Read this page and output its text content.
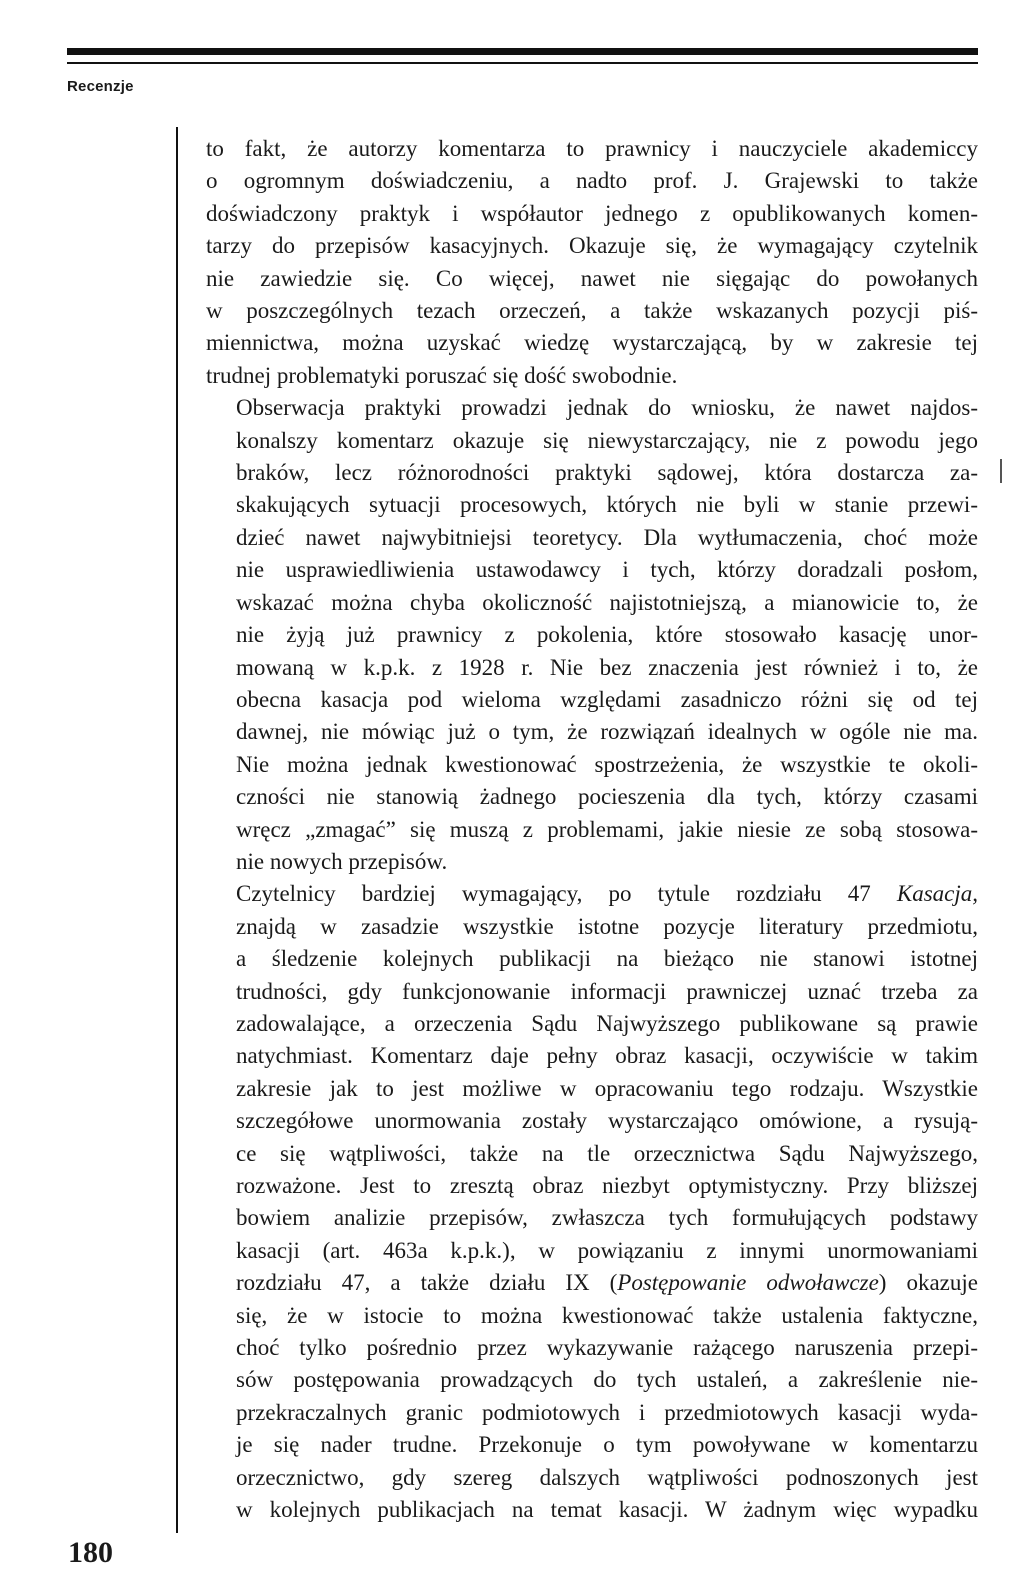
Recenzje

to fakt, że autorzy komentarza to prawnicy i nauczyciele akademiccy
o ogromnym doświadczeniu, a nadto prof. J. Grajewski to także
doświadczony praktyk i współautor jednego z opublikowanych komen-
tarzy do przepisów kasacyjnych. Okazuje się, że wymagający czytelnik
nie zawiedzie się. Co więcej, nawet nie sięgając do powołanych
w poszczególnych tezach orzeczeń, a także wskazanych pozycji piś-
miennictwa, można uzyskać wiedzę wystarczającą, by w zakresie tej
trudnej problematyki poruszać się dość swobodnie.

Obserwacja praktyki prowadzi jednak do wniosku, że nawet najdos-
konalszy komentarz okazuje się niewystarczający, nie z powodu jego
braków, lecz różnorodności praktyki sądowej, która dostarcza za-
skakujących sytuacji procesowych, których nie byli w stanie przewi-
dzieć nawet najwybitniejsi teoretycy. Dla wytłumaczenia, choć może
nie usprawiedliwienia ustawodawcy i tych, którzy doradzali posłom,
wskazać można chyba okoliczność najistotniejszą, a mianowicie to, że
nie żyją już prawnicy z pokolenia, które stosowało kasację unor-
mowaną w k.p.k. z 1928 r. Nie bez znaczenia jest również i to, że
obecna kasacja pod wieloma względami zasadniczo różni się od tej
dawnej, nie mówiąc już o tym, że rozwiązań idealnych w ogóle nie ma.
Nie można jednak kwestionować spostrzeżenia, że wszystkie te okoli-
czności nie stanowią żadnego pocieszenia dla tych, którzy czasami
wręcz „zmagać” się muszą z problemami, jakie niesie ze sobą stosowa-
nie nowych przepisów.

Czytelnicy bardziej wymagający, po tytule rozdziału 47 Kasacja,
znajdą w zasadzie wszystkie istotne pozycje literatury przedmiotu,
a śledzenie kolejnych publikacji na bieżąco nie stanowi istotnej
trudności, gdy funkcjonowanie informacji prawniczej uznać trzeba za
zadowalające, a orzeczenia Sądu Najwyższego publikowane są prawie
natychmiast. Komentarz daje pełny obraz kasacji, oczywiście w takim
zakresie jak to jest możliwe w opracowaniu tego rodzaju. Wszystkie
szczegółowe unormowania zostały wystarczająco omówione, a rysują-
ce się wątpliwości, także na tle orzecznictwa Sądu Najwyższego,
rozważone. Jest to zresztą obraz niezbyt optymistyczny. Przy bliższej
bowiem analizie przepisów, zwłaszcza tych formułujących podstawy
kasacji (art. 463a k.p.k.), w powiązaniu z innymi unormowaniami
rozdziału 47, a także działu IX (Postępowanie odwoławcze) okazuje
się, że w istocie to można kwestionować także ustalenia faktyczne,
choć tylko pośrednio przez wykazywanie rażącego naruszenia przepi-
sów postępowania prowadzących do tych ustaleń, a zakreślenie nie-
przekraczalnych granic podmiotowych i przedmiotowych kasacji wyda-
je się nader trudne. Przekonuje o tym powoływane w komentarzu
orzecznictwo, gdy szereg dalszych wątpliwości podnoszonych jest
w kolejnych publikacjach na temat kasacji. W żadnym więc wypadku

180
